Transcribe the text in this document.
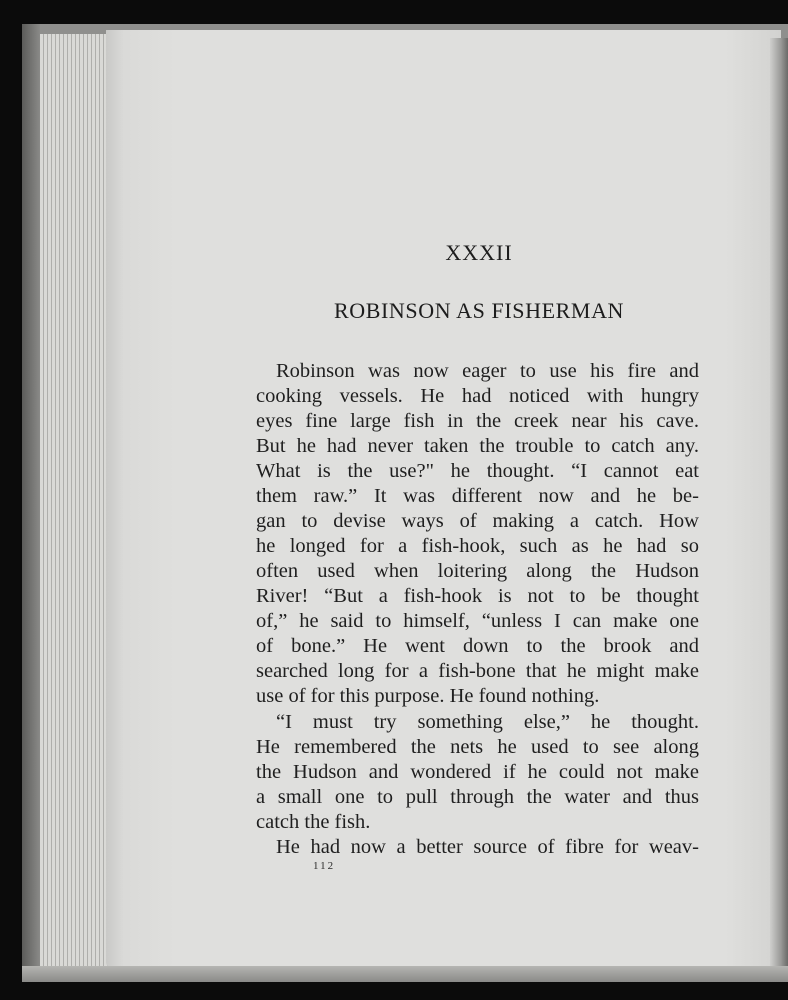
XXXII
ROBINSON AS FISHERMAN
Robinson was now eager to use his fire and
cooking vessels. He had noticed with hungry
eyes fine large fish in the creek near his cave.
But he had never taken the trouble to catch any.
What is the use?" he thought. “I cannot eat
them raw.” It was different now and he be-
gan to devise ways of making a catch. How
he longed for a fish-hook, such as he had so
often used when loitering along the Hudson
River! “But a fish-hook is not to be thought
of,” he said to himself, “unless I can make one
of bone.” He went down to the brook and
searched long for a fish-bone that he might make
use of for this purpose. He found nothing.
“I must try something else,” he thought.
He remembered the nets he used to see along
the Hudson and wondered if he could not make
a small one to pull through the water and thus
catch the fish.
He had now a better source of fibre for weav-
112
